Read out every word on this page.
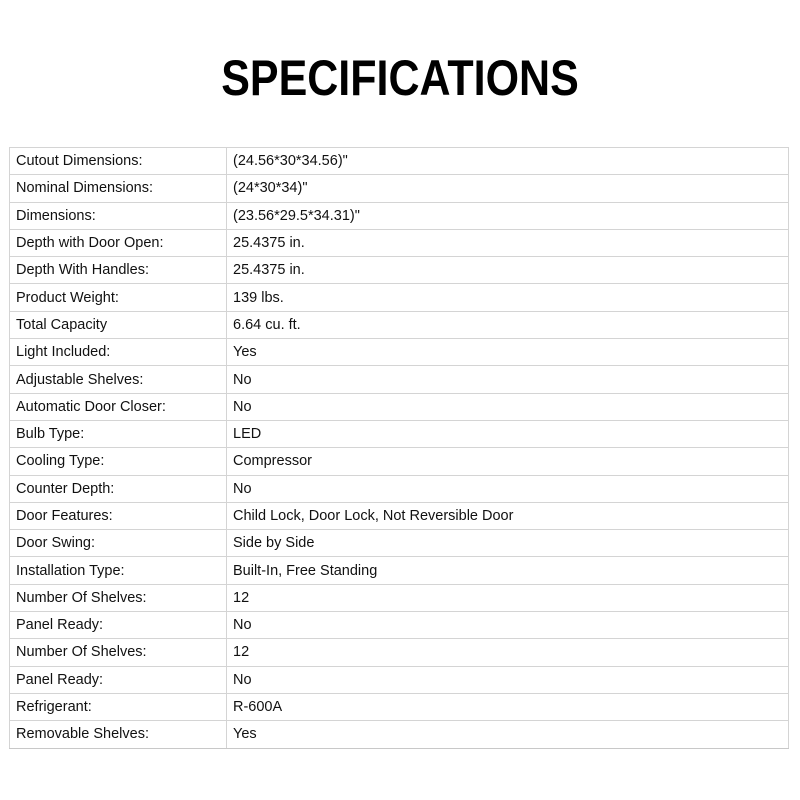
SPECIFICATIONS
Cutout Dimensions:	(24.56*30*34.56)"
Nominal Dimensions:	(24*30*34)"
Dimensions:	(23.56*29.5*34.31)"
Depth with Door Open:	25.4375 in.
Depth With Handles:	25.4375 in.
Product Weight:	139 lbs.
Total Capacity	6.64 cu. ft.
Light Included:	Yes
Adjustable Shelves:	No
Automatic Door Closer:	No
Bulb Type:	LED
Cooling Type:	Compressor
Counter Depth:	No
Door Features:	Child Lock, Door Lock, Not Reversible Door
Door Swing:	Side by Side
Installation Type:	Built-In, Free Standing
Number Of Shelves:	12
Panel Ready:	No
Number Of Shelves:	12
Panel Ready:	No
Refrigerant:	R-600A
Removable Shelves:	Yes
